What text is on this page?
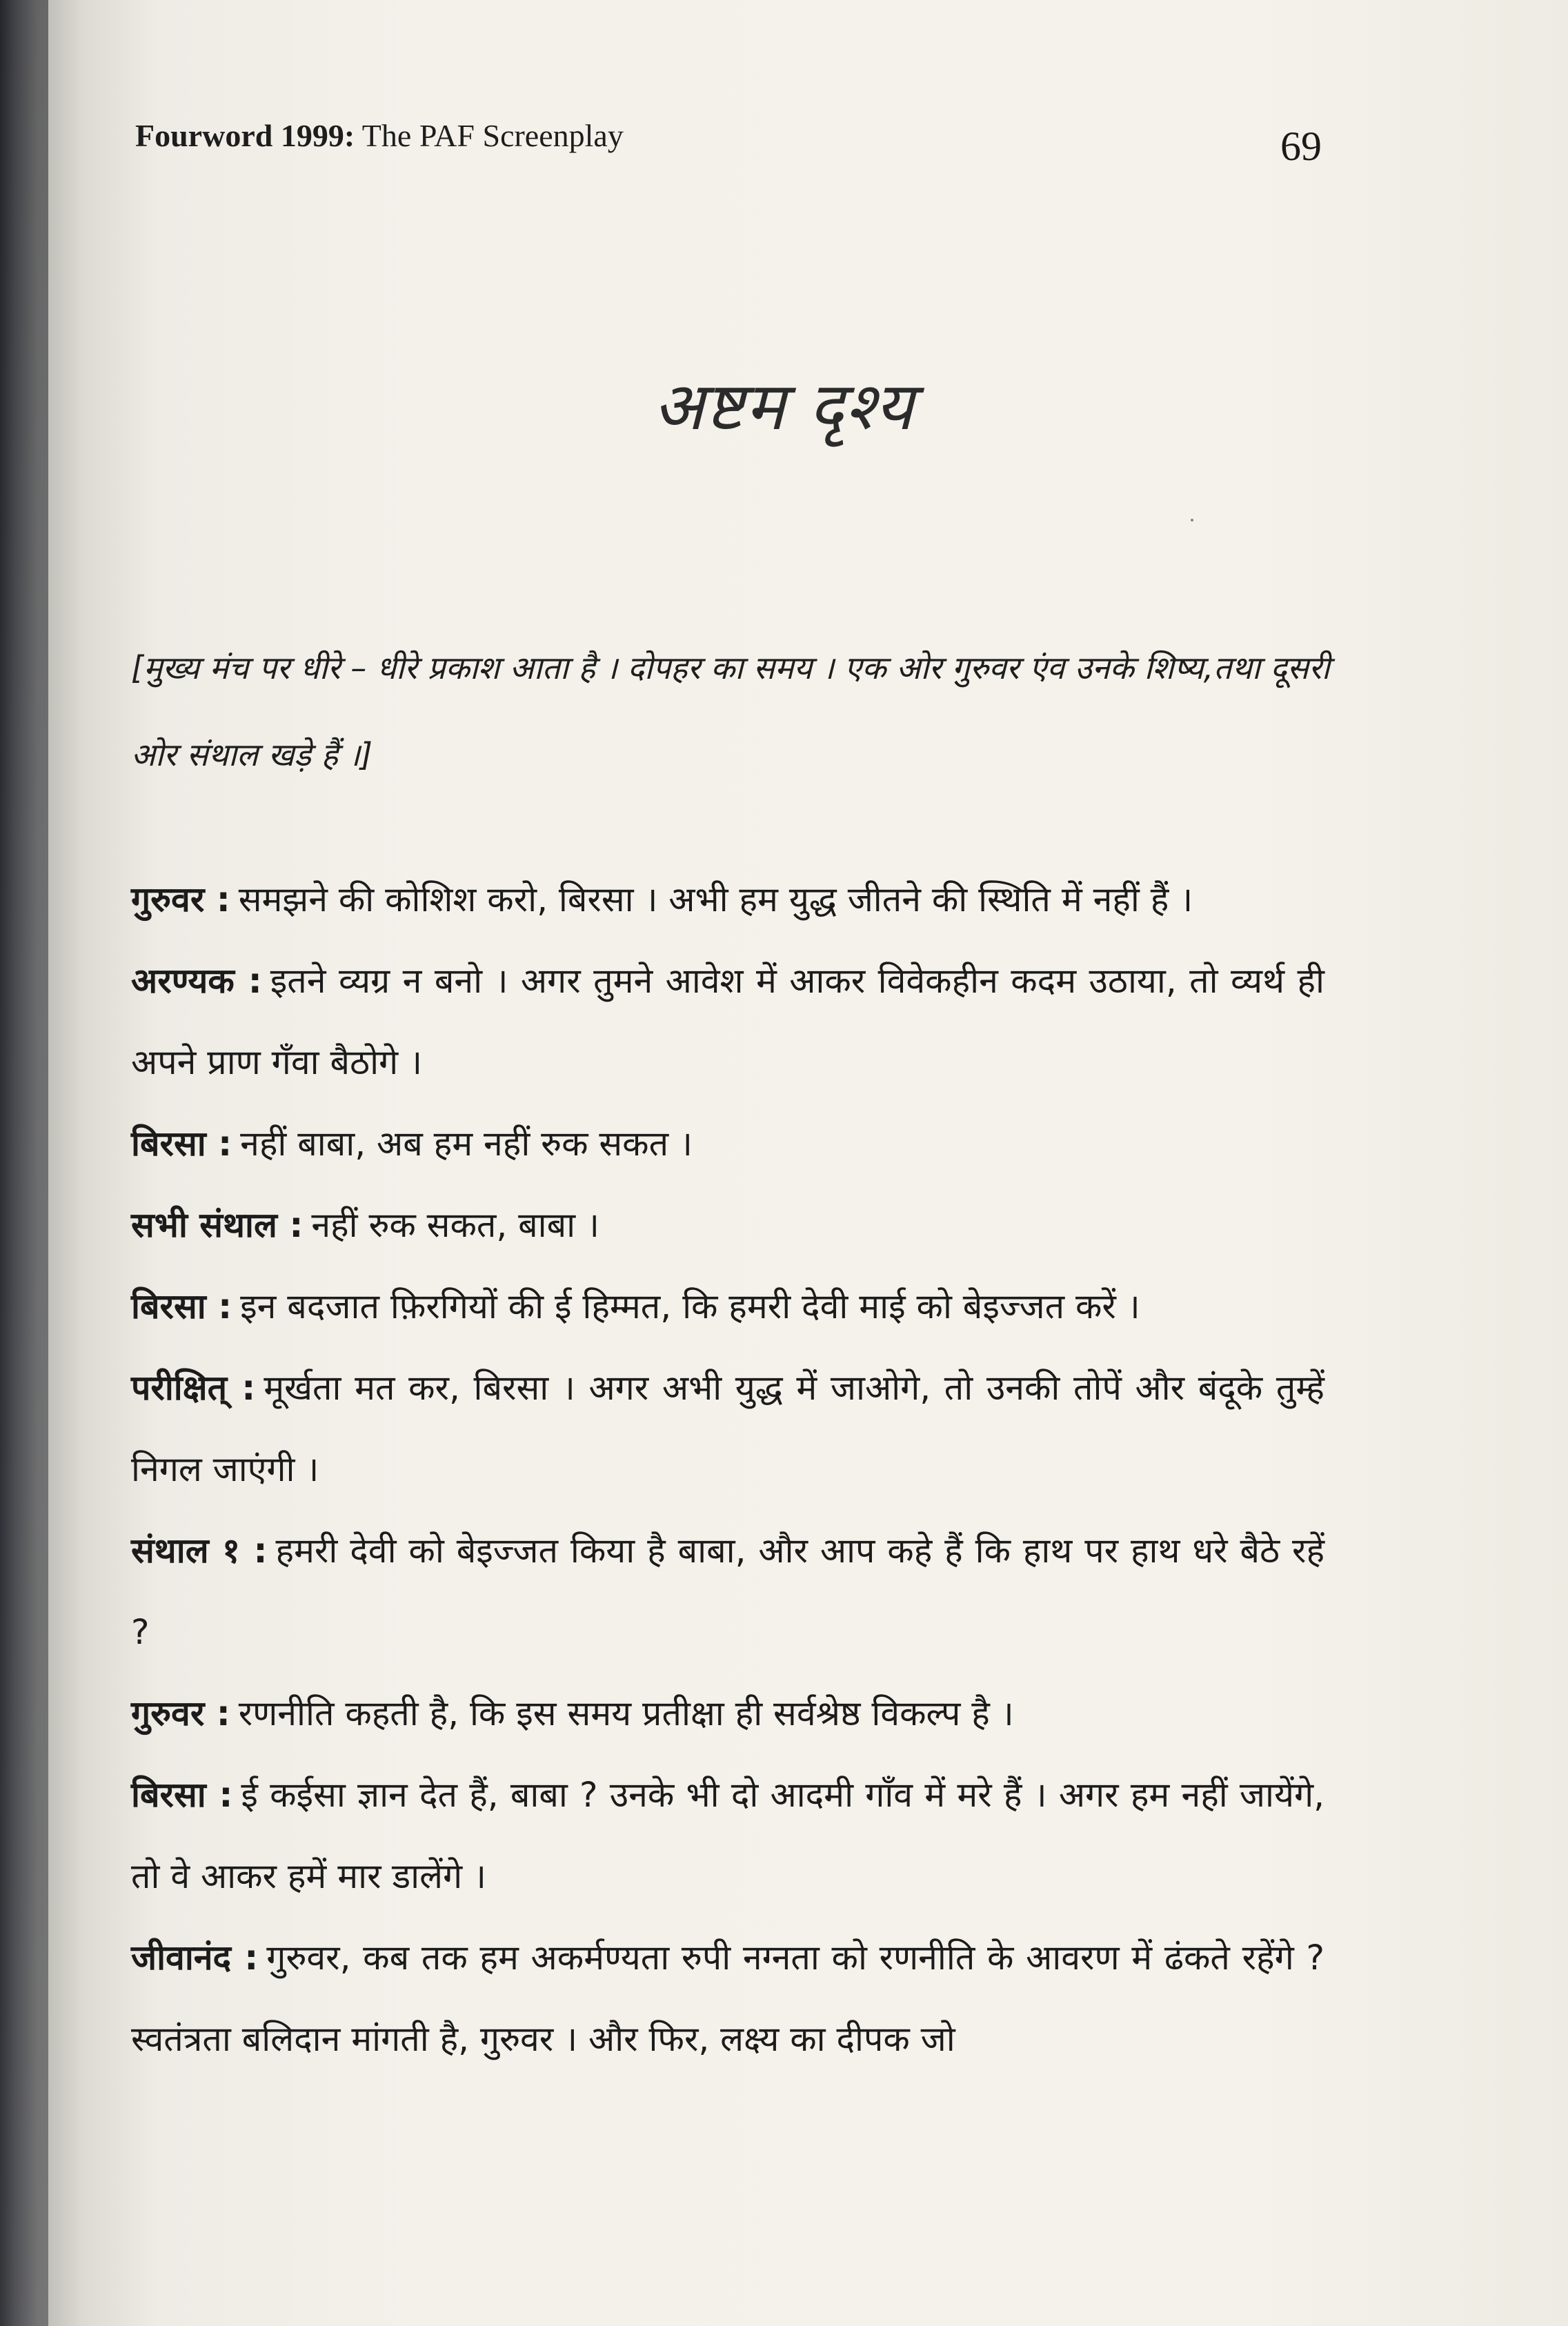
Fourword 1999: The PAF Screenplay	69
अष्टम दृश्य
[मुख्य मंच पर धीरे – धीरे प्रकाश आता है । दोपहर का समय । एक ओर गुरुवर एंव उनके शिष्य,तथा दूसरी ओर संथाल खड़े हैं ।]

गुरुवर : समझने की कोशिश करो, बिरसा । अभी हम युद्ध जीतने की स्थिति में नहीं हैं ।

अरण्यक : इतने व्यग्र न बनो । अगर तुमने आवेश में आकर विवेकहीन कदम उठाया, तो व्यर्थ ही अपने प्राण गँवा बैठोगे ।

बिरसा : नहीं बाबा, अब हम नहीं रुक सकत ।

सभी संथाल : नहीं रुक सकत, बाबा ।

बिरसा : इन बदजात फ़िरगियों की ई हिम्मत, कि हमरी देवी माई को बेइज्जत करें ।

परीक्षित् : मूर्खता मत कर, बिरसा । अगर अभी युद्ध में जाओगे, तो उनकी तोपें और बंदूके तुम्हें निगल जाएंगी ।

संथाल १ : हमरी देवी को बेइज्जत किया है बाबा, और आप कहे हैं कि हाथ पर हाथ धरे बैठे रहें ?

गुरुवर : रणनीति कहती है, कि इस समय प्रतीक्षा ही सर्वश्रेष्ठ विकल्प है ।

बिरसा : ई कईसा ज्ञान देत हैं, बाबा ? उनके भी दो आदमी गाँव में मरे हैं । अगर हम नहीं जायेंगे, तो वे आकर हमें मार डालेंगे ।

जीवानंद : गुरुवर, कब तक हम अकर्मण्यता रुपी नग्नता को रणनीति के आवरण में ढंकते रहेंगे ? स्वतंत्रता बलिदान मांगती है, गुरुवर । और फिर, लक्ष्य का दीपक जो
